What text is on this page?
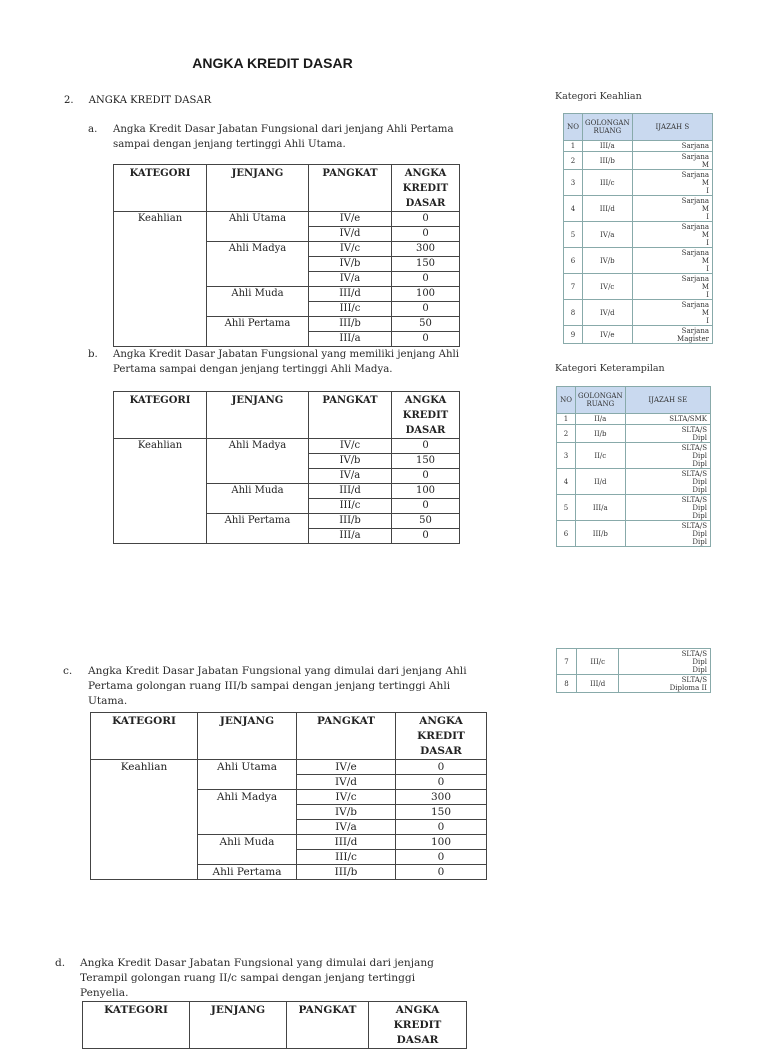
ANGKA KREDIT DASAR
2. ANGKA KREDIT DASAR
a. Angka Kredit Dasar Jabatan Fungsional dari jenjang Ahli Pertama sampai dengan jenjang tertinggi Ahli Utama.
KATEGORI	JENJANG	PANGKAT	ANGKA KREDIT DASAR
Keahlian	Ahli Utama	IV/e	0
		IV/d	0
	Ahli Madya	IV/c	300
		IV/b	150
		IV/a	0
	Ahli Muda	III/d	100
		III/c	0
	Ahli Pertama	III/b	50
		III/a	0
b. Angka Kredit Dasar Jabatan Fungsional yang memiliki jenjang Ahli Pertama sampai dengan jenjang tertinggi Ahli Madya.
KATEGORI	JENJANG	PANGKAT	ANGKA KREDIT DASAR
Keahlian	Ahli Madya	IV/c	0
		IV/b	150
		IV/a	0
	Ahli Muda	III/d	100
		III/c	0
	Ahli Pertama	III/b	50
		III/a	0
c. Angka Kredit Dasar Jabatan Fungsional yang dimulai dari jenjang Ahli Pertama golongan ruang III/b sampai dengan jenjang tertinggi Ahli Utama.
KATEGORI	JENJANG	PANGKAT	ANGKA KREDIT DASAR
Keahlian	Ahli Utama	IV/e	0
		IV/d	0
	Ahli Madya	IV/c	300
		IV/b	150
		IV/a	0
	Ahli Muda	III/d	100
		III/c	0
	Ahli Pertama	III/b	0
d. Angka Kredit Dasar Jabatan Fungsional yang dimulai dari jenjang Terampil golongan ruang II/c sampai dengan jenjang tertinggi Penyelia.
KATEGORI	JENJANG	PANGKAT	ANGKA KREDIT DASAR
Kategori Keahlian
NO	GOLONGAN RUANG	IJAZAH S
1	III/a	Sarjana

2	III/b	Sarjana
M

3	III/c	Sarjana
M
I

4	III/d	Sarjana
M
I

5	IV/a	Sarjana
M
I

6	IV/b	Sarjana
M
I

7	IV/c	Sarjana
M
I

8	IV/d	Sarjana
M
I

9	IV/e	Sarjana
Magister
Kategori Keterampilan
NO	GOLONGAN RUANG	IJAZAH SE
1	II/a	SLTA/SMK

2	II/b	SLTA/S
Dipl

3	II/c	SLTA/S
Dipl
Dipl

4	II/d	SLTA/S
Dipl
Dipl

5	III/a	SLTA/S
Dipl
Dipl

6	III/b	SLTA/S
Dipl
Dipl
7	III/c	SLTA/S
Dipl
Dipl

8	III/d	SLTA/S
Diploma II
